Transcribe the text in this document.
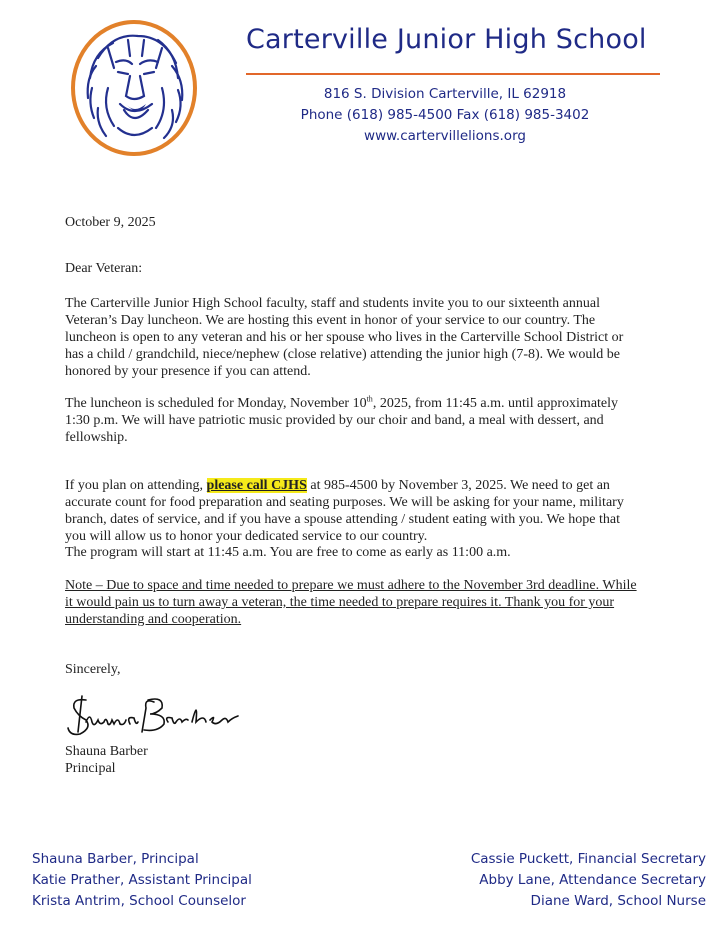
Carterville Junior High School
816 S. Division Carterville, IL 62918
Phone (618) 985-4500 Fax (618) 985-3402
www.cartervillelions.org
October 9, 2025
Dear Veteran:
The Carterville Junior High School faculty, staff and students invite you to our sixteenth annual
Veteran’s Day luncheon. We are hosting this event in honor of your service to our country. The
luncheon is open to any veteran and his or her spouse who lives in the Carterville School District or
has a child / grandchild, niece/nephew (close relative) attending the junior high (7-8). We would be
honored by your presence if you can attend.
The luncheon is scheduled for Monday, November 10th, 2025, from 11:45 a.m. until approximately
1:30 p.m. We will have patriotic music provided by our choir and band, a meal with dessert, and
fellowship.
If you plan on attending, please call CJHS at 985-4500 by November 3, 2025. We need to get an
accurate count for food preparation and seating purposes. We will be asking for your name, military
branch, dates of service, and if you have a spouse attending / student eating with you. We hope that
you will allow us to honor your dedicated service to our country.
The program will start at 11:45 a.m. You are free to come as early as 11:00 a.m.
Note – Due to space and time needed to prepare we must adhere to the November 3rd deadline. While
it would pain us to turn away a veteran, the time needed to prepare requires it. Thank you for your
understanding and cooperation.
Sincerely,
Shauna Barber
Principal
Shauna Barber, Principal
Katie Prather, Assistant Principal
Krista Antrim, School Counselor
Cassie Puckett, Financial Secretary
Abby Lane, Attendance Secretary
Diane Ward, School Nurse
